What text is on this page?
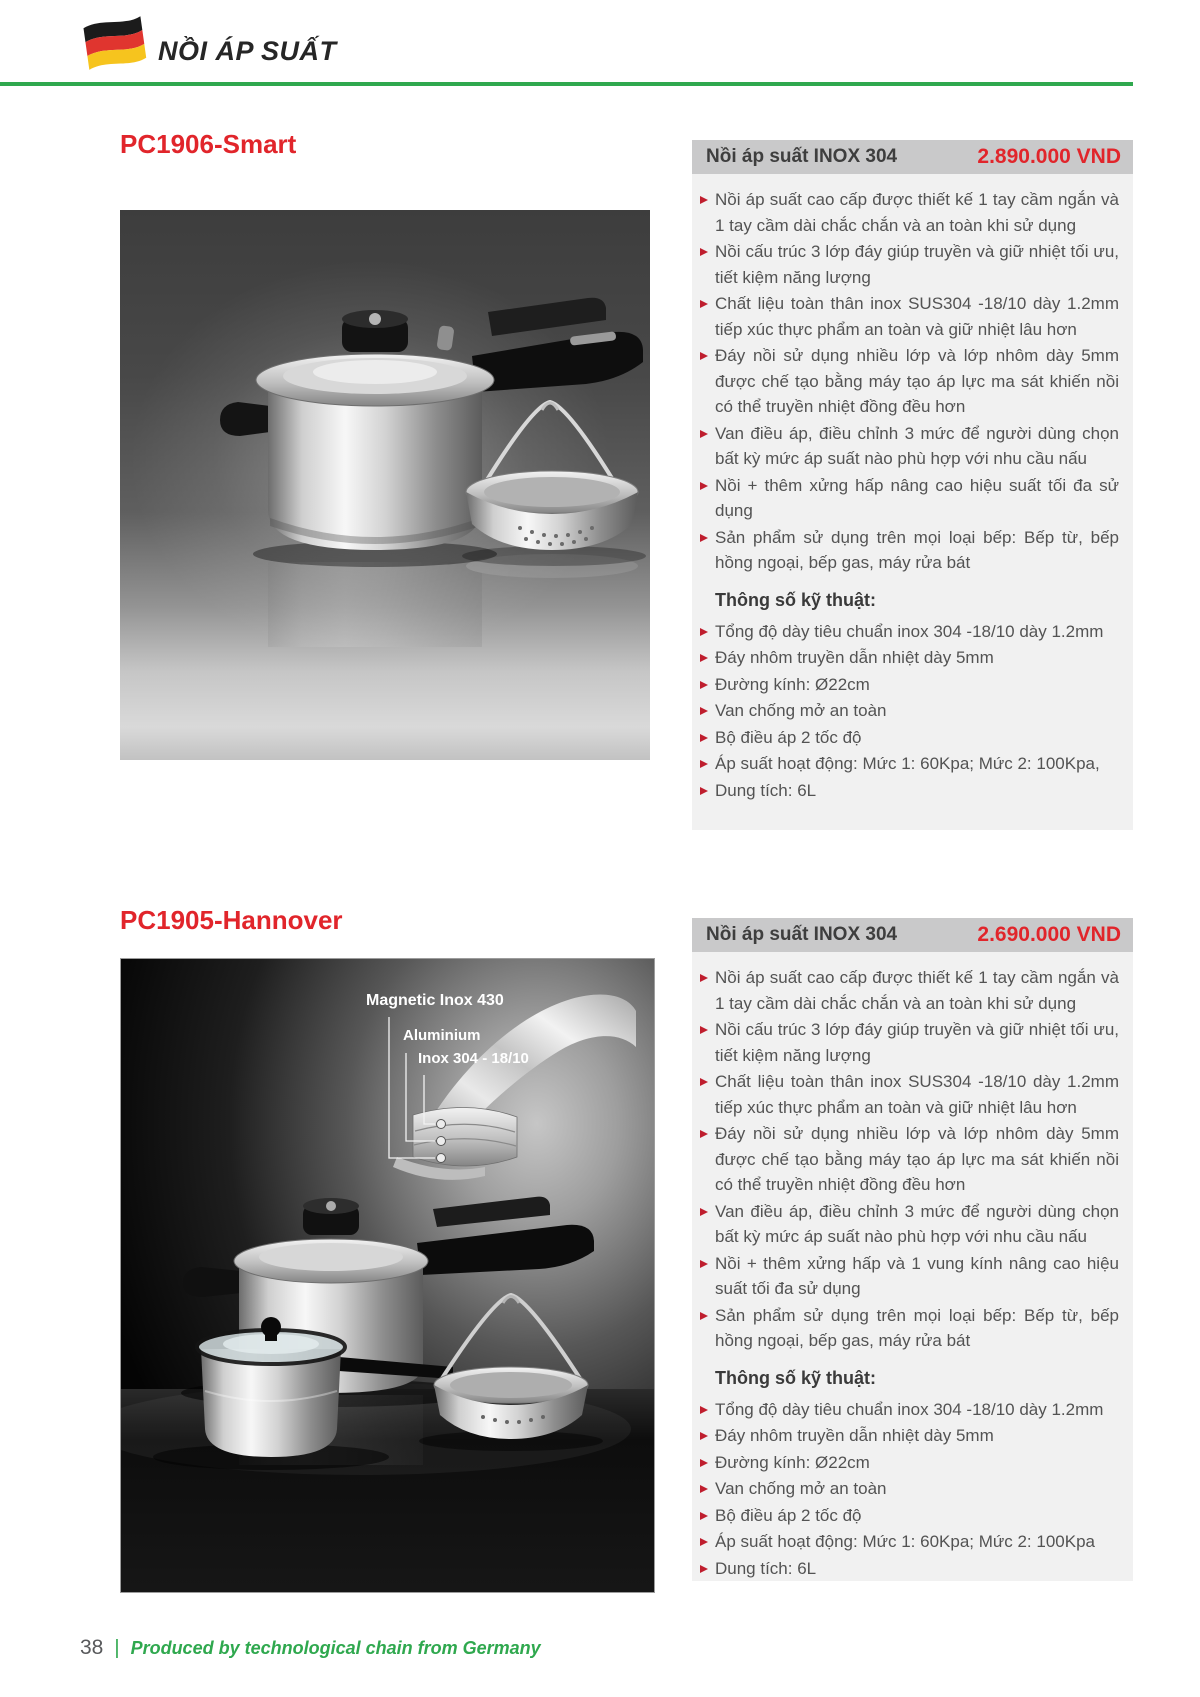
NỒI ÁP SUẤT
PC1906-Smart	Nồi áp suất INOX 304	2.890.000 VND
Nồi áp suất cao cấp được thiết kế 1 tay cầm ngắn và 1 tay cầm dài chắc chắn và an toàn khi sử dụng
Nồi cấu trúc 3 lớp đáy giúp truyền và giữ nhiệt tối ưu, tiết kiệm năng lượng
Chất liệu toàn thân inox SUS304 -18/10 dày 1.2mm tiếp xúc thực phẩm an toàn và giữ nhiệt lâu hơn
Đáy nồi sử dụng nhiều lớp và lớp nhôm dày 5mm được chế tạo bằng máy tạo áp lực ma sát khiến nồi có thể truyền nhiệt đồng đều hơn
Van điều áp, điều chỉnh 3 mức để người dùng chọn bất kỳ mức áp suất nào phù hợp với nhu cầu nấu
Nồi + thêm xửng hấp nâng cao hiệu suất tối đa sử dụng
Sản phẩm sử dụng trên mọi loại bếp: Bếp từ, bếp hồng ngoại, bếp gas, máy rửa bát
Thông số kỹ thuật:
Tổng độ dày tiêu chuẩn inox 304 -18/10 dày 1.2mm
Đáy nhôm truyền dẫn nhiệt dày 5mm
Đường kính: Ø22cm
Van chống mở an toàn
Bộ điều áp 2 tốc độ
Áp suất hoạt động: Mức 1: 60Kpa; Mức 2: 100Kpa,
Dung tích: 6L
PC1905-Hannover
Magnetic Inox 430
Aluminium
Inox 304 - 18/10
Nồi áp suất INOX 304	2.690.000 VND
Nồi áp suất cao cấp được thiết kế 1 tay cầm ngắn và 1 tay cầm dài chắc chắn và an toàn khi sử dụng
Nồi cấu trúc 3 lớp đáy giúp truyền và giữ nhiệt tối ưu, tiết kiệm năng lượng
Chất liệu toàn thân inox SUS304 -18/10 dày 1.2mm tiếp xúc thực phẩm an toàn và giữ nhiệt lâu hơn
Đáy nồi sử dụng nhiều lớp và lớp nhôm dày 5mm được chế tạo bằng máy tạo áp lực ma sát khiến nồi có thể truyền nhiệt đồng đều hơn
Van điều áp, điều chỉnh 3 mức để người dùng chọn bất kỳ mức áp suất nào phù hợp với nhu cầu nấu
Nồi + thêm xửng hấp và 1 vung kính nâng cao hiệu suất tối đa sử dụng
Sản phẩm sử dụng trên mọi loại bếp: Bếp từ, bếp hồng ngoại, bếp gas, máy rửa bát
Thông số kỹ thuật:
Tổng độ dày tiêu chuẩn inox 304 -18/10 dày 1.2mm
Đáy nhôm truyền dẫn nhiệt dày 5mm
Đường kính: Ø22cm
Van chống mở an toàn
Bộ điều áp 2 tốc độ
Áp suất hoạt động: Mức 1: 60Kpa; Mức 2: 100Kpa
Dung tích: 6L
38 | Produced by technological chain from Germany
